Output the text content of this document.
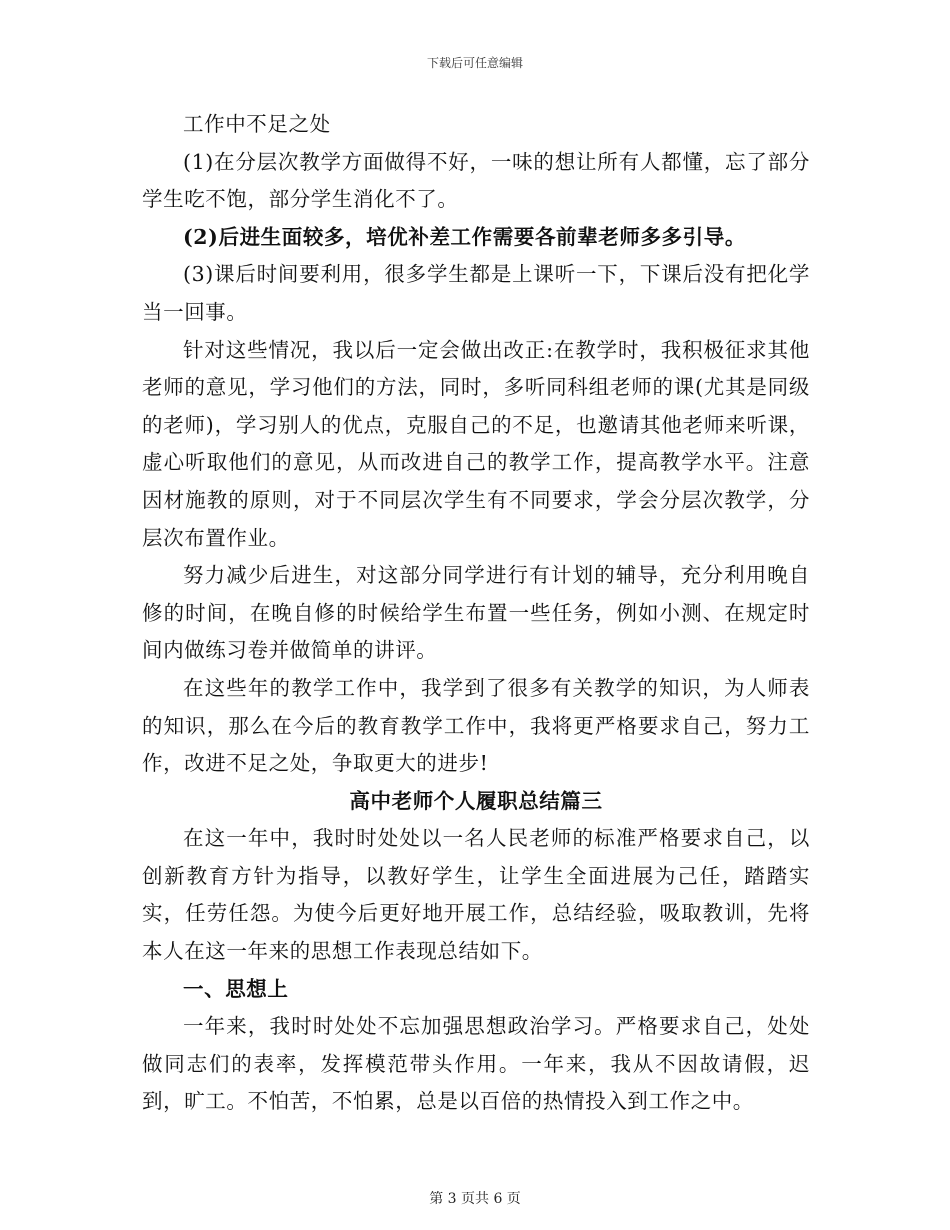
下载后可任意编辑

工作中不足之处

(1)在分层次教学方面做得不好，一味的想让所有人都懂，忘了部分学生吃不饱，部分学生消化不了。

(2)后进生面较多，培优补差工作需要各前辈老师多多引导。

(3)课后时间要利用，很多学生都是上课听一下，下课后没有把化学当一回事。

针对这些情况，我以后一定会做出改正:在教学时，我积极征求其他老师的意见，学习他们的方法，同时，多听同科组老师的课(尤其是同级的老师)，学习别人的优点，克服自己的不足，也邀请其他老师来听课，虚心听取他们的意见，从而改进自己的教学工作，提高教学水平。注意因材施教的原则，对于不同层次学生有不同要求，学会分层次教学，分层次布置作业。

努力减少后进生，对这部分同学进行有计划的辅导，充分利用晚自修的时间，在晚自修的时候给学生布置一些任务，例如小测、在规定时间内做练习卷并做简单的讲评。

在这些年的教学工作中，我学到了很多有关教学的知识，为人师表的知识，那么在今后的教育教学工作中，我将更严格要求自己，努力工作，改进不足之处，争取更大的进步!

高中老师个人履职总结篇三

在这一年中，我时时处处以一名人民老师的标准严格要求自己，以创新教育方针为指导，以教好学生，让学生全面进展为己任，踏踏实实，任劳任怨。为使今后更好地开展工作，总结经验，吸取教训，先将本人在这一年来的思想工作表现总结如下。

一、思想上

一年来，我时时处处不忘加强思想政治学习。严格要求自己，处处做同志们的表率，发挥模范带头作用。一年来，我从不因故请假，迟到，旷工。不怕苦，不怕累，总是以百倍的热情投入到工作之中。

第 3 页共 6 页
